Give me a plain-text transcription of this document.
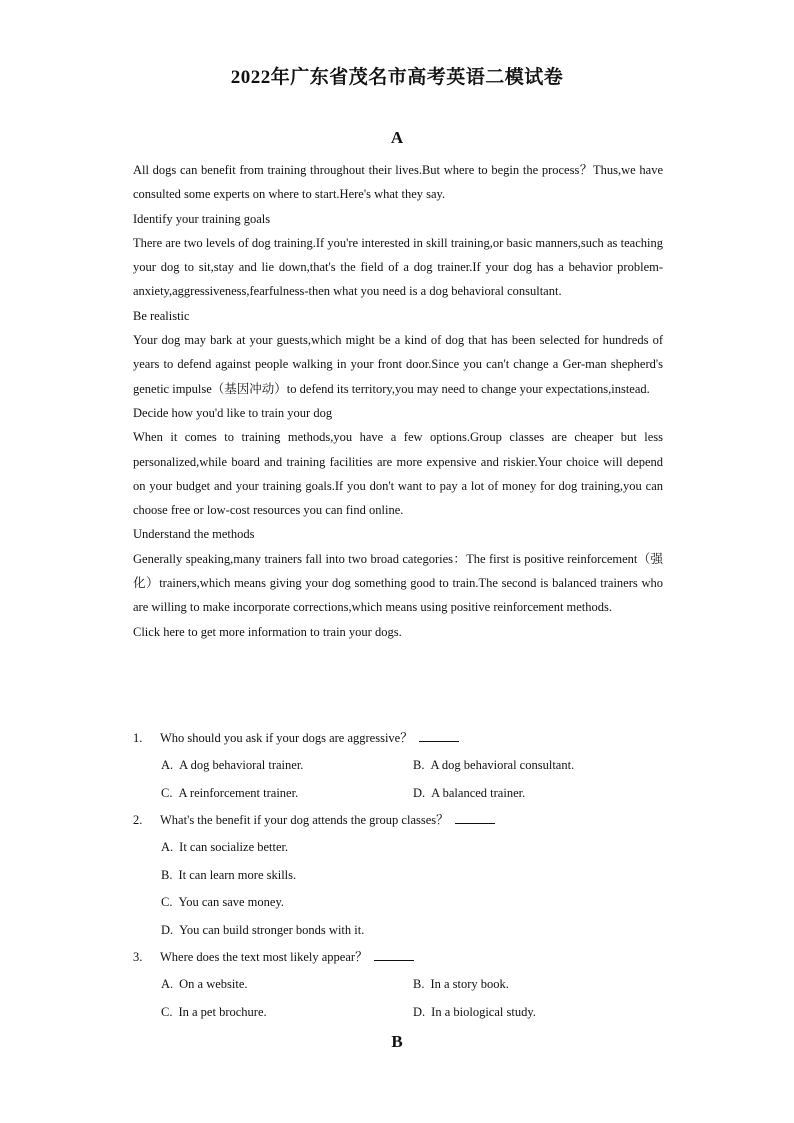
2022年广东省茂名市高考英语二模试卷
A

All dogs can benefit from training throughout their lives.But where to begin the process？Thus,we have consulted some experts on where to start.Here's what they say.

Identify your training goals

There are two levels of dog training.If you're interested in skill training,or basic manners,such as teaching your dog to sit,stay and lie down,that's the field of a dog trainer.If your dog has a behavior problem-anxiety,aggressiveness,fearfulness-then what you need is a dog behavioral consultant.

Be realistic

Your dog may bark at your guests,which might be a kind of dog that has been selected for hundreds of years to defend against people walking in your front door.Since you can't change a Ger-man shepherd's genetic impulse（基因冲动）to defend its territory,you may need to change your expectations,instead.

Decide how you'd like to train your dog

When it comes to training methods,you have a few options.Group classes are cheaper but less personalized,while board and training facilities are more expensive and riskier.Your choice will depend on your budget and your training goals.If you don't want to pay a lot of money for dog training,you can choose free or low-cost resources you can find online.

Understand the methods

Generally speaking,many trainers fall into two broad categories：The first is positive reinforcement（强化）trainers,which means giving your dog something good to train.The second is balanced trainers who are willing to make incorporate corrections,which means using positive reinforcement methods.

Click here to get more information to train your dogs.

1. Who should you ask if your dogs are aggressive？
A. A dog behavioral trainer.	B. A dog behavioral consultant.
C. A reinforcement trainer.	D. A balanced trainer.
2. What's the benefit if your dog attends the group classes？
A. It can socialize better.
B. It can learn more skills.
C. You can save money.
D. You can build stronger bonds with it.
3. Where does the text most likely appear？
A. On a website.	B. In a story book.
C. In a pet brochure.	D. In a biological study.
B
